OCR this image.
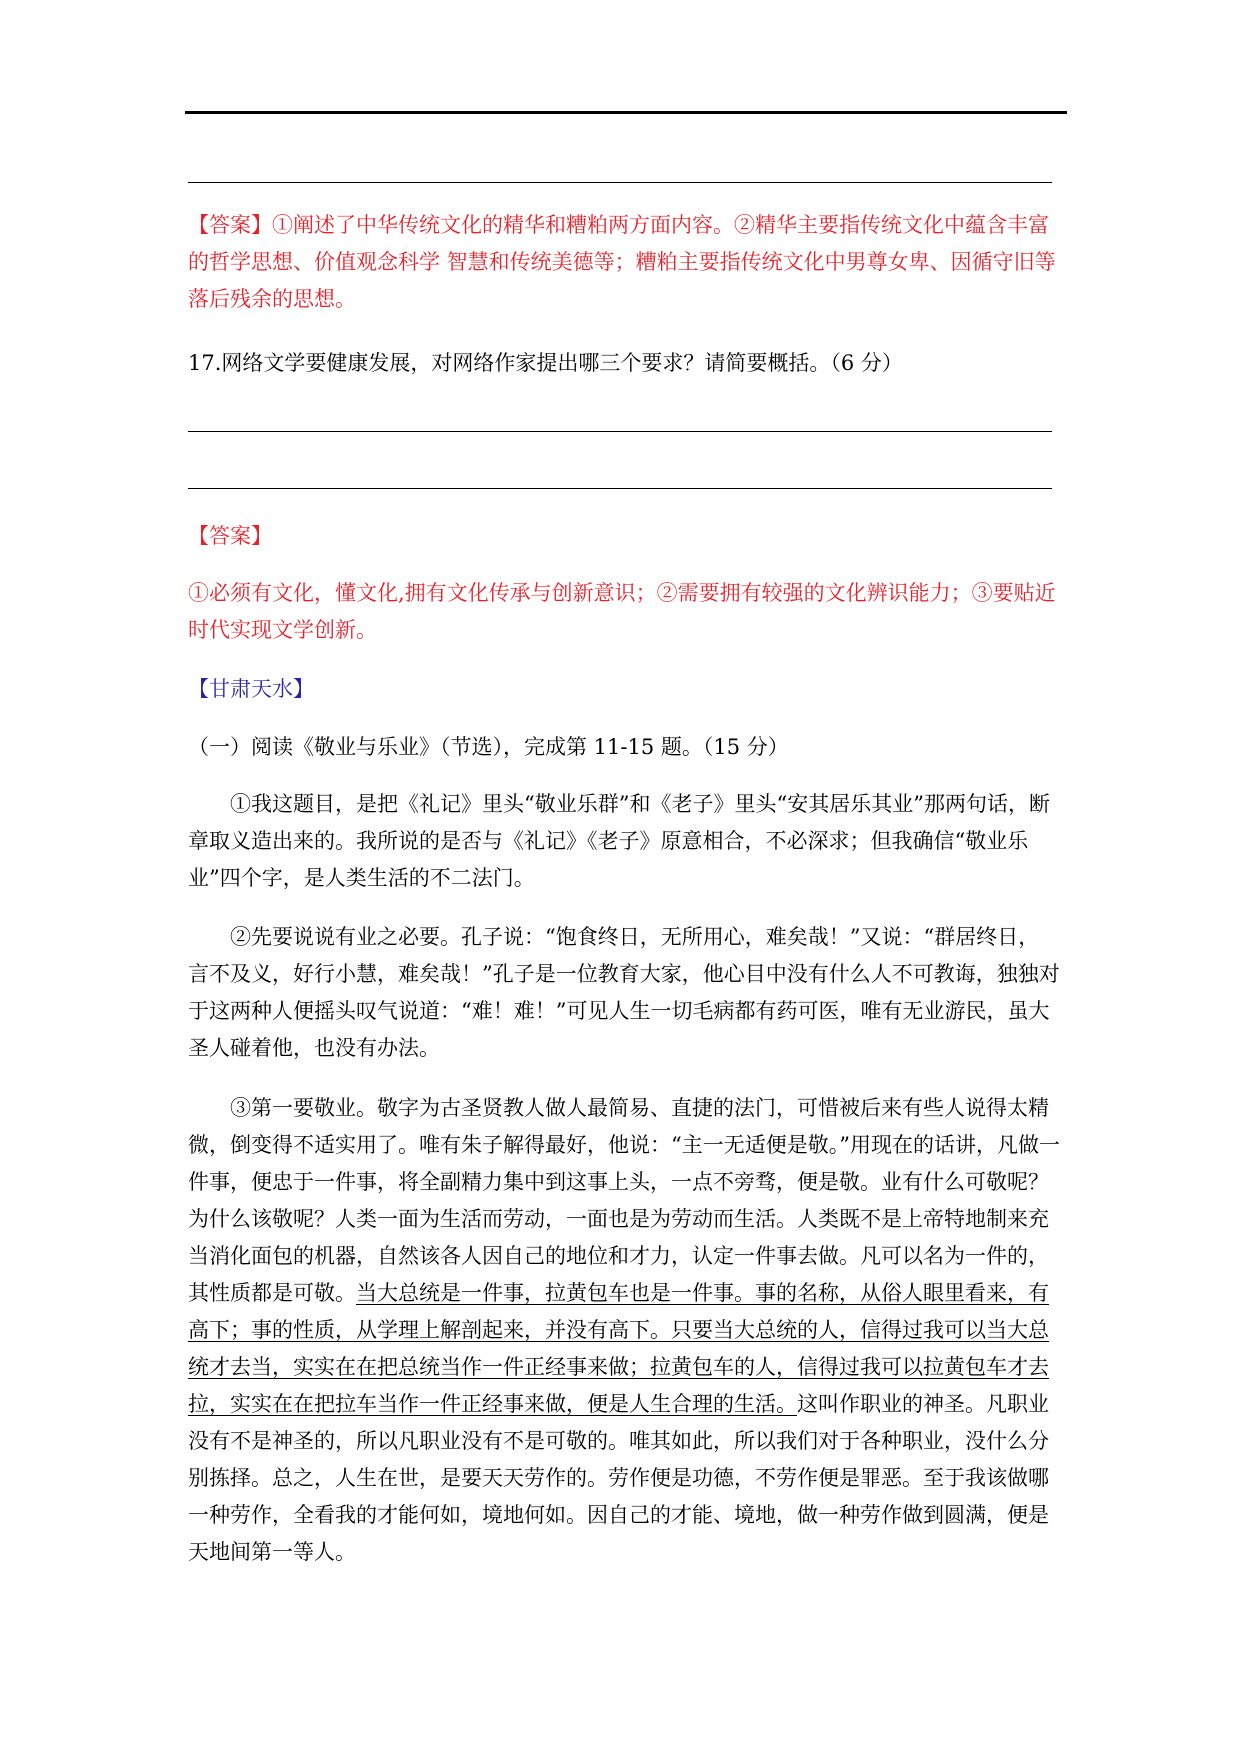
【答案】①阐述了中华传统文化的精华和糟粕两方面内容。②精华主要指传统文化中蕴含丰富的哲学思想、价值观念科学 智慧和传统美德等；糟粕主要指传统文化中男尊女卑、因循守旧等落后残余的思想。

17.网络文学要健康发展，对网络作家提出哪三个要求？请简要概括。（6 分）

【答案】

①必须有文化，懂文化,拥有文化传承与创新意识；②需要拥有较强的文化辨识能力；③要贴近时代实现文学创新。

【甘肃天水】

（一）阅读《敬业与乐业》（节选），完成第 11-15 题。（15 分）

①我这题目，是把《礼记》里头“敬业乐群”和《老子》里头“安其居乐其业”那两句话，断章取义造出来的。我所说的是否与《礼记》《老子》原意相合，不必深求；但我确信“敬业乐业”四个字，是人类生活的不二法门。

②先要说说有业之必要。孔子说：“饱食终日，无所用心，难矣哉！”又说：“群居终日，言不及义，好行小慧，难矣哉！”孔子是一位教育大家，他心目中没有什么人不可教诲，独独对于这两种人便摇头叹气说道：“难！难！”可见人生一切毛病都有药可医，唯有无业游民，虽大圣人碰着他，也没有办法。

③第一要敬业。敬字为古圣贤教人做人最简易、直捷的法门，可惜被后来有些人说得太精微，倒变得不适实用了。唯有朱子解得最好，他说：“主一无适便是敬。”用现在的话讲，凡做一件事，便忠于一件事，将全副精力集中到这事上头，一点不旁骛，便是敬。业有什么可敬呢？为什么该敬呢？人类一面为生活而劳动，一面也是为劳动而生活。人类既不是上帝特地制来充当消化面包的机器，自然该各人因自己的地位和才力，认定一件事去做。凡可以名为一件的，其性质都是可敬。当大总统是一件事，拉黄包车也是一件事。事的名称，从俗人眼里看来，有高下；事的性质，从学理上解剖起来，并没有高下。只要当大总统的人，信得过我可以当大总统才去当，实实在在把总统当作一件正经事来做；拉黄包车的人，信得过我可以拉黄包车才去拉，实实在在把拉车当作一件正经事来做，便是人生合理的生活。这叫作职业的神圣。凡职业没有不是神圣的，所以凡职业没有不是可敬的。唯其如此，所以我们对于各种职业，没什么分别拣择。总之，人生在世，是要天天劳作的。劳作便是功德，不劳作便是罪恶。至于我该做哪一种劳作，全看我的才能何如，境地何如。因自己的才能、境地，做一种劳作做到圆满，便是天地间第一等人。
